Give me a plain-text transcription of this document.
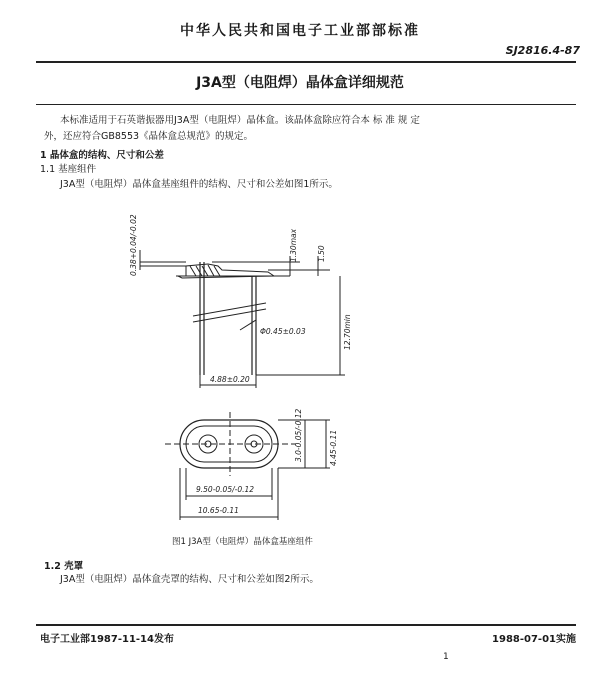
中华人民共和国电子工业部部标准
SJ2816.4-87
J3A型（电阻焊）晶体盒详细规范
本标准适用于石英谐振器用J3A型（电阻焊）晶体盒。该晶体盒除应符合本 标 准 规 定
外，还应符合GB8553《晶体盒总规范》的规定。
1 晶体盒的结构、尺寸和公差
1.1 基座组件
J3A型（电阻焊）晶体盒基座组件的结构、尺寸和公差如图1所示。
0.38+0.04/-0.02	1.30max	1.50
Φ0.45±0.03	12.70min
4.88±0.20
3.0-0.05/-0.12	4.45-0.11
9.50-0.05/-0.12
10.65-0.11
图1 J3A型（电阻焊）晶体盒基座组件
1.2 壳罩
J3A型（电阻焊）晶体盒壳罩的结构、尺寸和公差如图2所示。
电子工业部1987-11-14发布	1988-07-01实施
1
